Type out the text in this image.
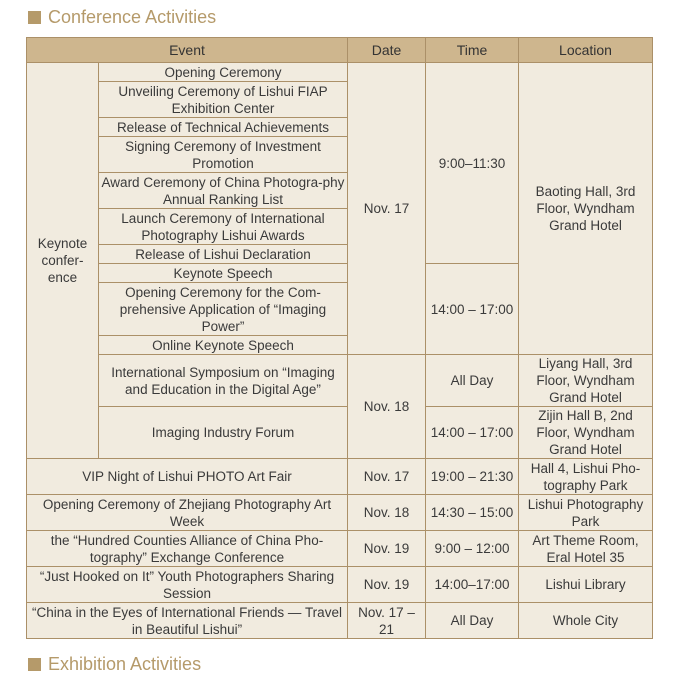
Conference Activities
Event		Date	Time	Location
Keynote confer-ence	Opening Ceremony	Nov. 17	9:00–11:30	Baoting Hall, 3rd Floor, Wyndham Grand Hotel
	Unveiling Ceremony of Lishui FIAP Exhibition Center			
	Release of Technical Achievements			
	Signing Ceremony of Investment Promotion			
	Award Ceremony of China Photogra-phy Annual Ranking List			
	Launch Ceremony of International Photography Lishui Awards			
	Release of Lishui Declaration			
	Keynote Speech		14:00 – 17:00	
	Opening Ceremony for the Com-prehensive Application of “Imaging Power”			
	Online Keynote Speech			
	International Symposium on “Imaging and Education in the Digital Age”	Nov. 18	All Day	Liyang Hall, 3rd Floor, Wyndham Grand Hotel
	Imaging Industry Forum		14:00 – 17:00	Zijin Hall B, 2nd Floor, Wyndham Grand Hotel
VIP Night of Lishui PHOTO Art Fair		Nov. 17	19:00 – 21:30	Hall 4, Lishui Pho-tography Park
Opening Ceremony of Zhejiang Photography Art Week		Nov. 18	14:30 – 15:00	Lishui Photography Park
the “Hundred Counties Alliance of China Pho-tography” Exchange Conference		Nov. 19	9:00 – 12:00	Art Theme Room, Eral Hotel 35
“Just Hooked on It” Youth Photographers Sharing Session		Nov. 19	14:00–17:00	Lishui Library
“China in the Eyes of International Friends — Travel in Beautiful Lishui”		Nov. 17 – 21	All Day	Whole City
Exhibition Activities
